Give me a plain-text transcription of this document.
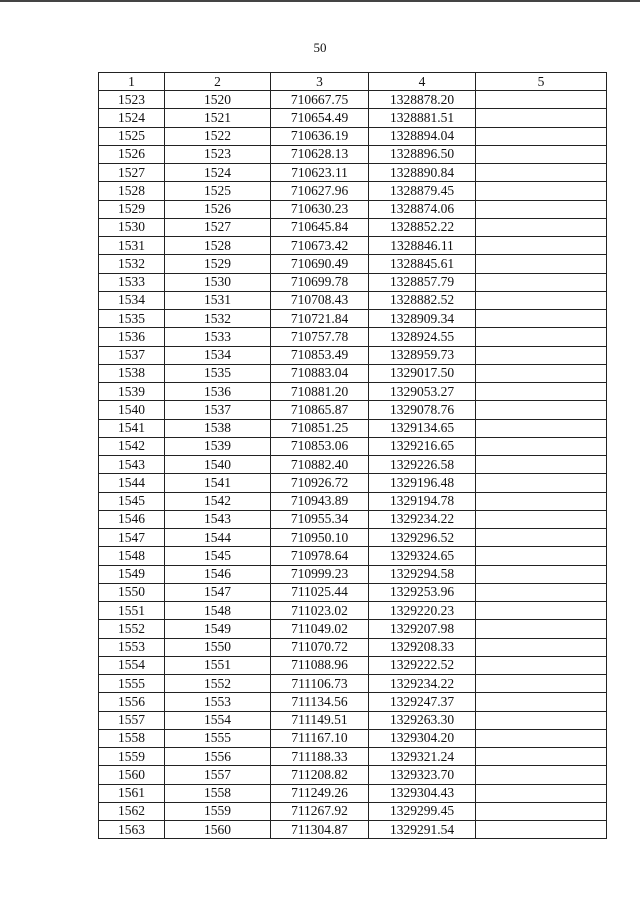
50
1	2	3	4	5
1523	1520	710667.75	1328878.20	
1524	1521	710654.49	1328881.51	
1525	1522	710636.19	1328894.04	
1526	1523	710628.13	1328896.50	
1527	1524	710623.11	1328890.84	
1528	1525	710627.96	1328879.45	
1529	1526	710630.23	1328874.06	
1530	1527	710645.84	1328852.22	
1531	1528	710673.42	1328846.11	
1532	1529	710690.49	1328845.61	
1533	1530	710699.78	1328857.79	
1534	1531	710708.43	1328882.52	
1535	1532	710721.84	1328909.34	
1536	1533	710757.78	1328924.55	
1537	1534	710853.49	1328959.73	
1538	1535	710883.04	1329017.50	
1539	1536	710881.20	1329053.27	
1540	1537	710865.87	1329078.76	
1541	1538	710851.25	1329134.65	
1542	1539	710853.06	1329216.65	
1543	1540	710882.40	1329226.58	
1544	1541	710926.72	1329196.48	
1545	1542	710943.89	1329194.78	
1546	1543	710955.34	1329234.22	
1547	1544	710950.10	1329296.52	
1548	1545	710978.64	1329324.65	
1549	1546	710999.23	1329294.58	
1550	1547	711025.44	1329253.96	
1551	1548	711023.02	1329220.23	
1552	1549	711049.02	1329207.98	
1553	1550	711070.72	1329208.33	
1554	1551	711088.96	1329222.52	
1555	1552	711106.73	1329234.22	
1556	1553	711134.56	1329247.37	
1557	1554	711149.51	1329263.30	
1558	1555	711167.10	1329304.20	
1559	1556	711188.33	1329321.24	
1560	1557	711208.82	1329323.70	
1561	1558	711249.26	1329304.43	
1562	1559	711267.92	1329299.45	
1563	1560	711304.87	1329291.54	
